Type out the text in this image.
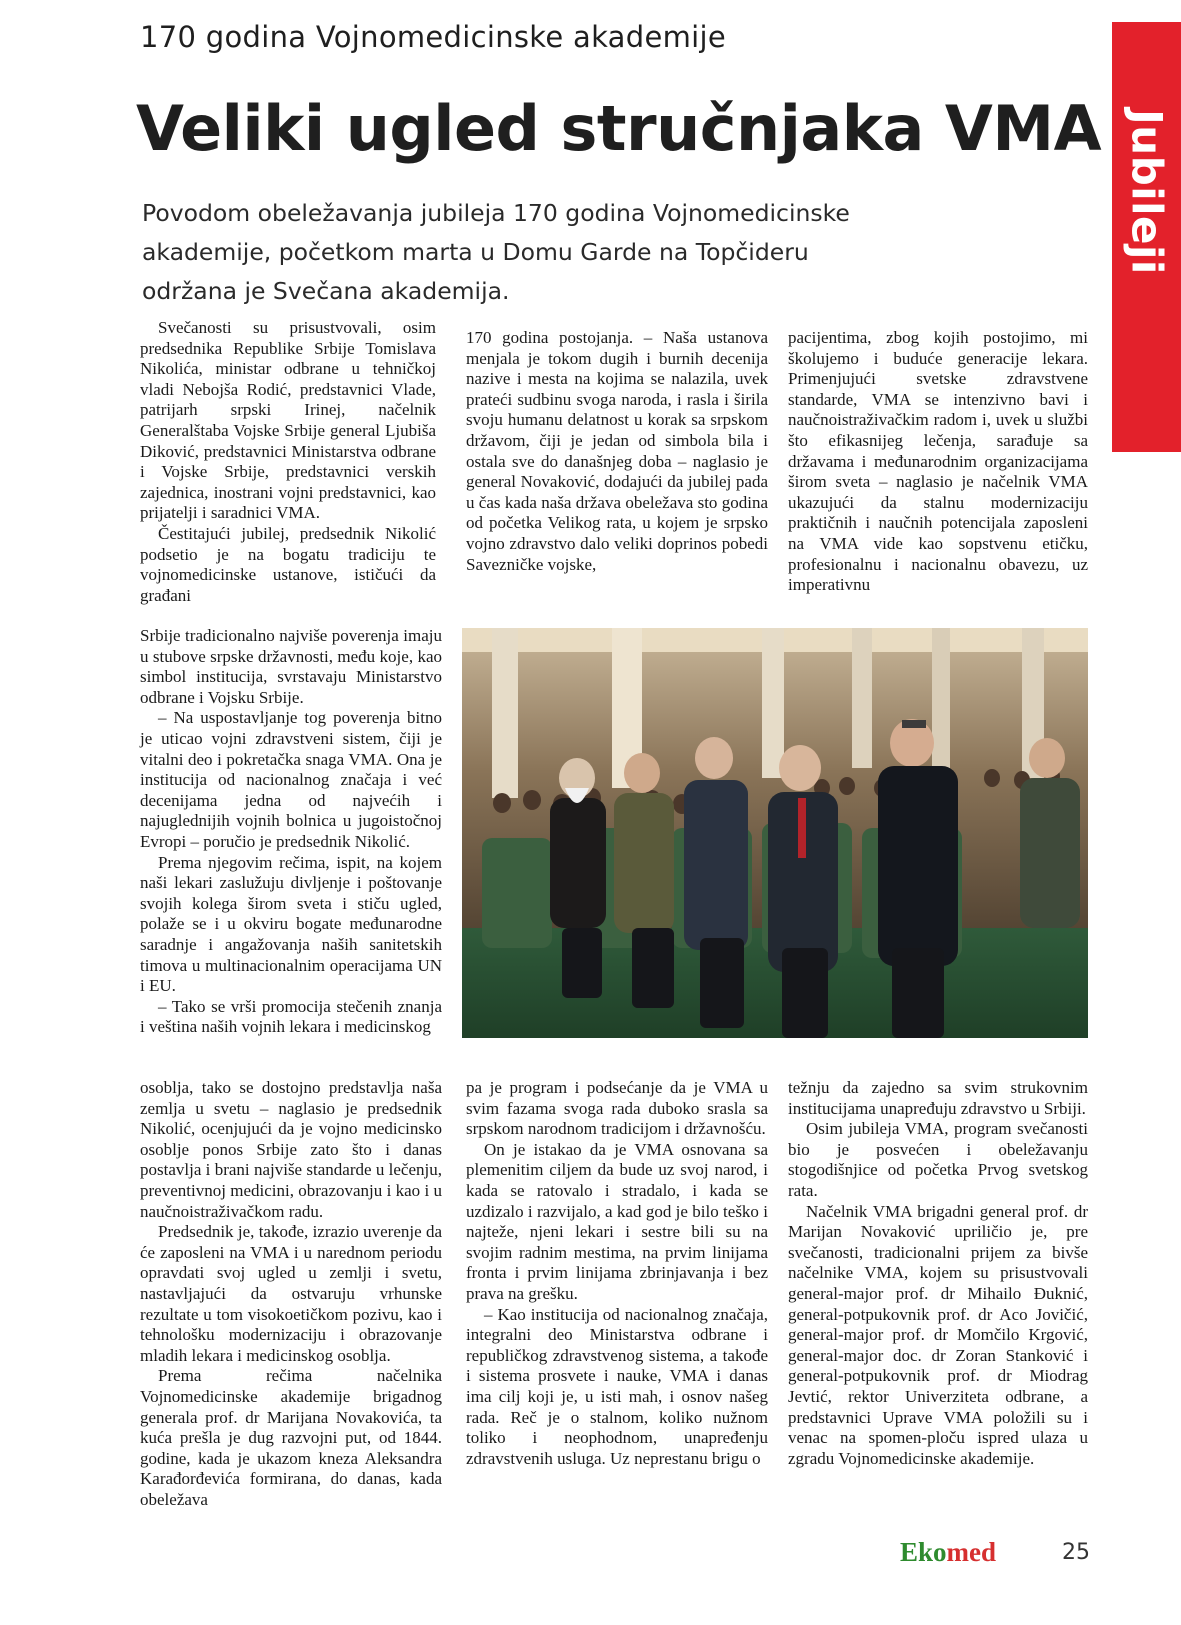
170 godina Vojnomedicinske akademije
Veliki ugled stručnjaka VMA
Povodom obeležavanja jubileja 170 godina Vojnomedicinske
akademije, početkom marta u Domu Garde na Topčideru
održana je Svečana akademija.
Jubileji

Svečanosti su prisustvovali, osim predsednika Republike Srbije Tomislava Nikolića, ministar odbrane u tehničkoj vladi Nebojša Rodić, predstavnici Vlade, patrijarh srpski Irinej, načelnik Generalštaba Vojske Srbije general Ljubiša Diković, predstavnici Ministarstva odbrane i Vojske Srbije, predstavnici verskih zajednica, inostrani vojni predstavnici, kao prijatelji i saradnici VMA.

Čestitajući jubilej, predsednik Nikolić podsetio je na bogatu tradiciju te vojnomedicinske ustanove, ističući da građani

Srbije tradicionalno najviše poverenja imaju u stubove srpske državnosti, među koje, kao simbol institucija, svrstavaju Ministarstvo odbrane i Vojsku Srbije.

– Na uspostavljanje tog poverenja bitno je uticao vojni zdravstveni sistem, čiji je vitalni deo i pokretačka snaga VMA. Ona je institucija od nacionalnog značaja i već decenijama jedna od najvećih i najuglednijih vojnih bolnica u jugoistočnoj Evropi – poručio je predsednik Nikolić.

Prema njegovim rečima, ispit, na kojem naši lekari zaslužuju divljenje i poštovanje svojih kolega širom sveta i stiču ugled, polaže se i u okviru bogate međunarodne saradnje i angažovanja naših sanitetskih timova u multinacionalnim operacijama UN i EU.

– Tako se vrši promocija stečenih znanja i veština naših vojnih lekara i medicinskog

osoblja, tako se dostojno predstavlja naša zemlja u svetu – naglasio je predsednik Nikolić, ocenjujući da je vojno medicinsko osoblje ponos Srbije zato što i danas postavlja i brani najviše standarde u lečenju, preventivnoj medicini, obrazovanju i kao i u naučnoistraživačkom radu.

Predsednik je, takođe, izrazio uverenje da će zaposleni na VMA i u narednom periodu opravdati svoj ugled u zemlji i svetu, nastavljajući da ostvaruju vrhunske rezultate u tom visokoetičkom pozivu, kao i tehnološku modernizaciju i obrazovanje mladih lekara i medicinskog osoblja.

Prema rečima načelnika Vojnomedicinske akademije brigadnog generala prof. dr Marijana Novakovića, ta kuća prešla je dug razvojni put, od 1844. godine, kada je ukazom kneza Aleksandra Karađorđevića formirana, do danas, kada obeležava

170 godina postojanja. – Naša ustanova menjala je tokom dugih i burnih decenija nazive i mesta na kojima se nalazila, uvek prateći sudbinu svoga naroda, i rasla i širila svoju humanu delatnost u korak sa srpskom državom, čiji je jedan od simbola bila i ostala sve do današnjeg doba – naglasio je general Novaković, dodajući da jubilej pada u čas kada naša država obeležava sto godina od početka Velikog rata, u kojem je srpsko vojno zdravstvo dalo veliki doprinos pobedi Savezničke vojske,

pa je program i podsećanje da je VMA u svim fazama svoga rada duboko srasla sa srpskom narodnom tradicijom i državnošću.

On je istakao da je VMA osnovana sa plemenitim ciljem da bude uz svoj narod, i kada se ratovalo i stradalo, i kada se uzdizalo i razvijalo, a kad god je bilo teško i najteže, njeni lekari i sestre bili su na svojim radnim mestima, na prvim linijama fronta i prvim linijama zbrinjavanja i bez prava na grešku.

– Kao institucija od nacionalnog značaja, integralni deo Ministarstva odbrane i republičkog zdravstvenog sistema, a takođe i sistema prosvete i nauke, VMA i danas ima cilj koji je, u isti mah, i osnov našeg rada. Reč je o stalnom, koliko nužnom toliko i neophodnom, unapređenju zdravstvenih usluga. Uz neprestanu brigu o

pacijentima, zbog kojih postojimo, mi školujemo i buduće generacije lekara. Primenjujući svetske zdravstvene standarde, VMA se intenzivno bavi i naučnoistraživačkim radom i, uvek u službi što efikasnijeg lečenja, sarađuje sa državama i međunarodnim organizacijama širom sveta – naglasio je načelnik VMA ukazujući da stalnu modernizaciju praktičnih i naučnih potencijala zaposleni na VMA vide kao sopstvenu etičku, profesionalnu i nacionalnu obavezu, uz imperativnu

težnju da zajedno sa svim strukovnim institucijama unapređuju zdravstvo u Srbiji.

Osim jubileja VMA, program svečanosti bio je posvećen i obeležavanju stogodišnjice od početka Prvog svetskog rata.

Načelnik VMA brigadni general prof. dr Marijan Novaković upriličio je, pre svečanosti, tradicionalni prijem za bivše načelnike VMA, kojem su prisustvovali general-major prof. dr Mihailo Đuknić, general-potpukovnik prof. dr Aco Jovičić, general-major prof. dr Momčilo Krgović, general-major doc. dr Zoran Stanković i general-potpukovnik prof. dr Miodrag Jevtić, rektor Univerziteta odbrane, a predstavnici Uprave VMA položili su i venac na spomen-ploču ispred ulaza u zgradu Vojnomedicinske akademije.

Ekomed	25
